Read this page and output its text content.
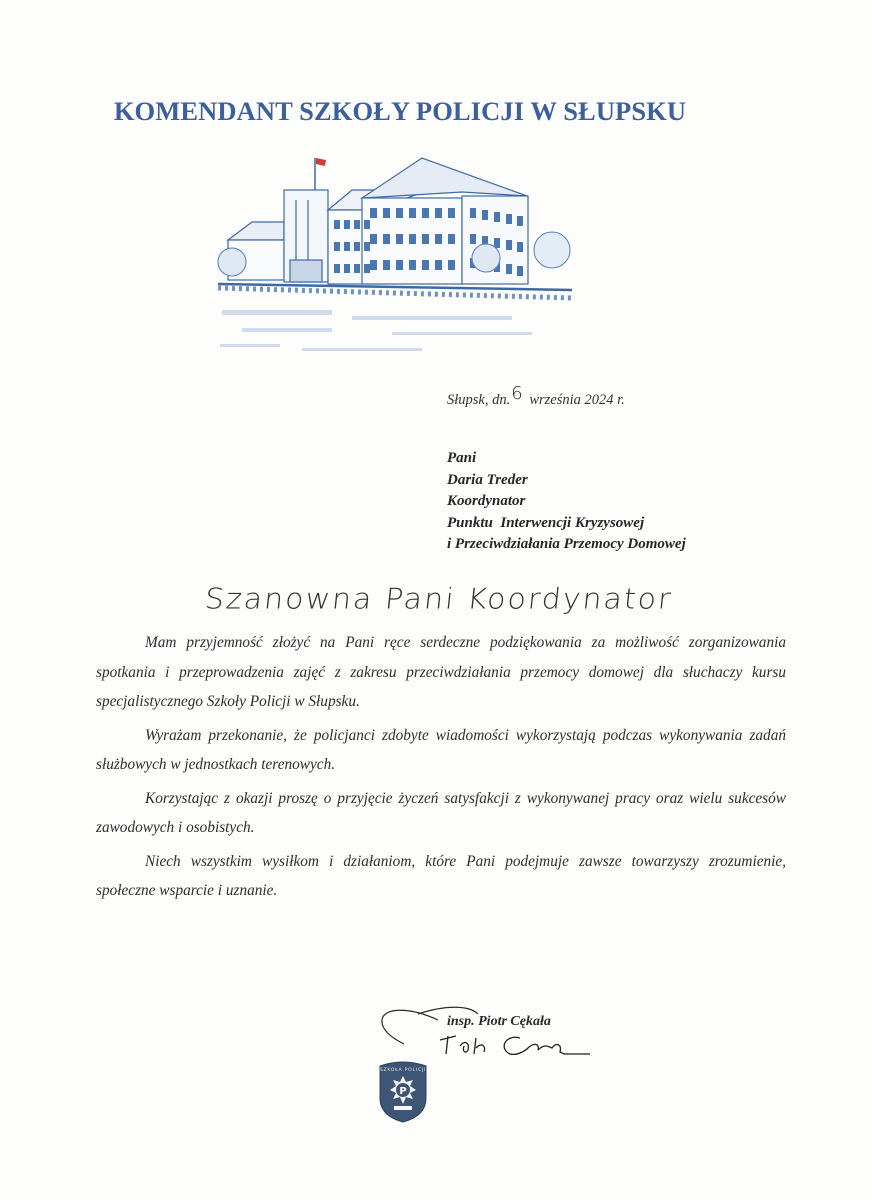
KOMENDANT SZKOŁY POLICJI W SŁUPSKU
Słupsk, dn.6 września 2024 r.
Pani
Daria Treder
Koordynator
Punktu  Interwencji Kryzysowej
i Przeciwdziałania Przemocy Domowej
Szanowna Pani Koordynator

Mam przyjemność złożyć na Pani ręce serdeczne podziękowania za możliwość zorganizowania spotkania i przeprowadzenia zajęć z zakresu przeciwdziałania przemocy domowej dla słuchaczy kursu specjalistycznego Szkoły Policji w Słupsku.

Wyrażam przekonanie, że policjanci zdobyte wiadomości wykorzystają podczas wykonywania zadań służbowych w jednostkach terenowych.

Korzystając z okazji proszę o przyjęcie życzeń satysfakcji z wykonywanej pracy oraz wielu sukcesów zawodowych i osobistych.

Niech wszystkim wysiłkom i działaniom, które Pani podejmuje zawsze towarzyszy zrozumienie, społeczne wsparcie i uznanie.

insp. Piotr Cękała
P
SZKOŁA POLICJI
